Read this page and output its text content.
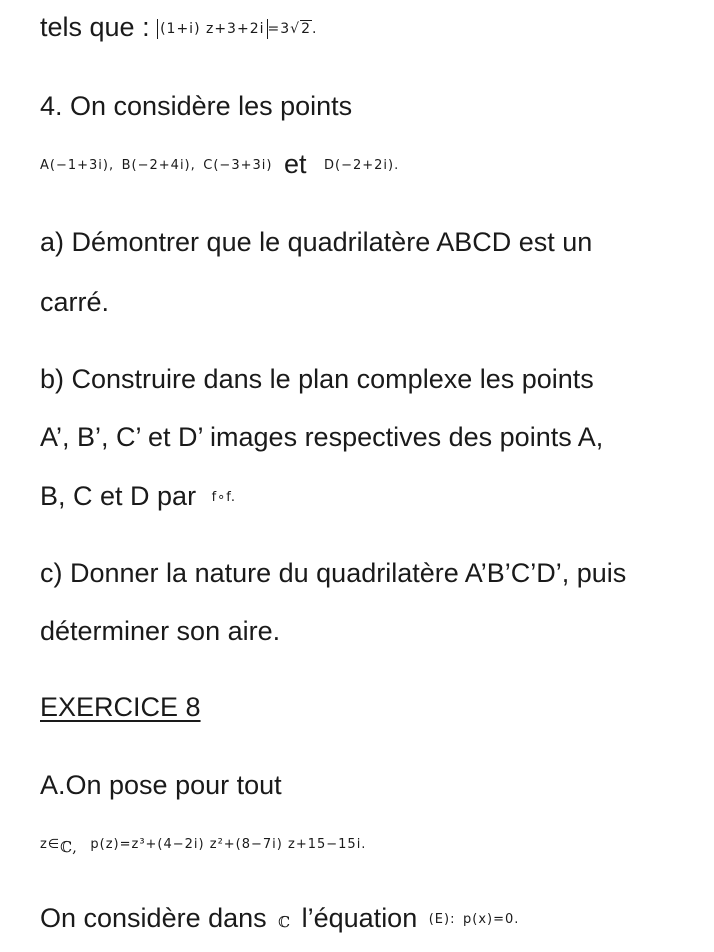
tels que : (1+i) z+3+2i =3√2.
4. On considère les points
A(−1+3i), B(−2+4i), C(−3+3i) et D(−2+2i).
a) Démontrer que le quadrilatère ABCD est un
carré.
b) Construire dans le plan complexe les points
A’, B’, C’ et D’ images respectives des points A,
B, C et D par f∘f.
c) Donner la nature du quadrilatère A’B’C’D’, puis
déterminer son aire.
EXERCICE 8
A.On pose pour tout
z∈ℂ, p(z)=z³+(4−2i) z²+(8−7i) z+15−15i.
On considère dans ℂ l’équation (E): p(x)=0.
